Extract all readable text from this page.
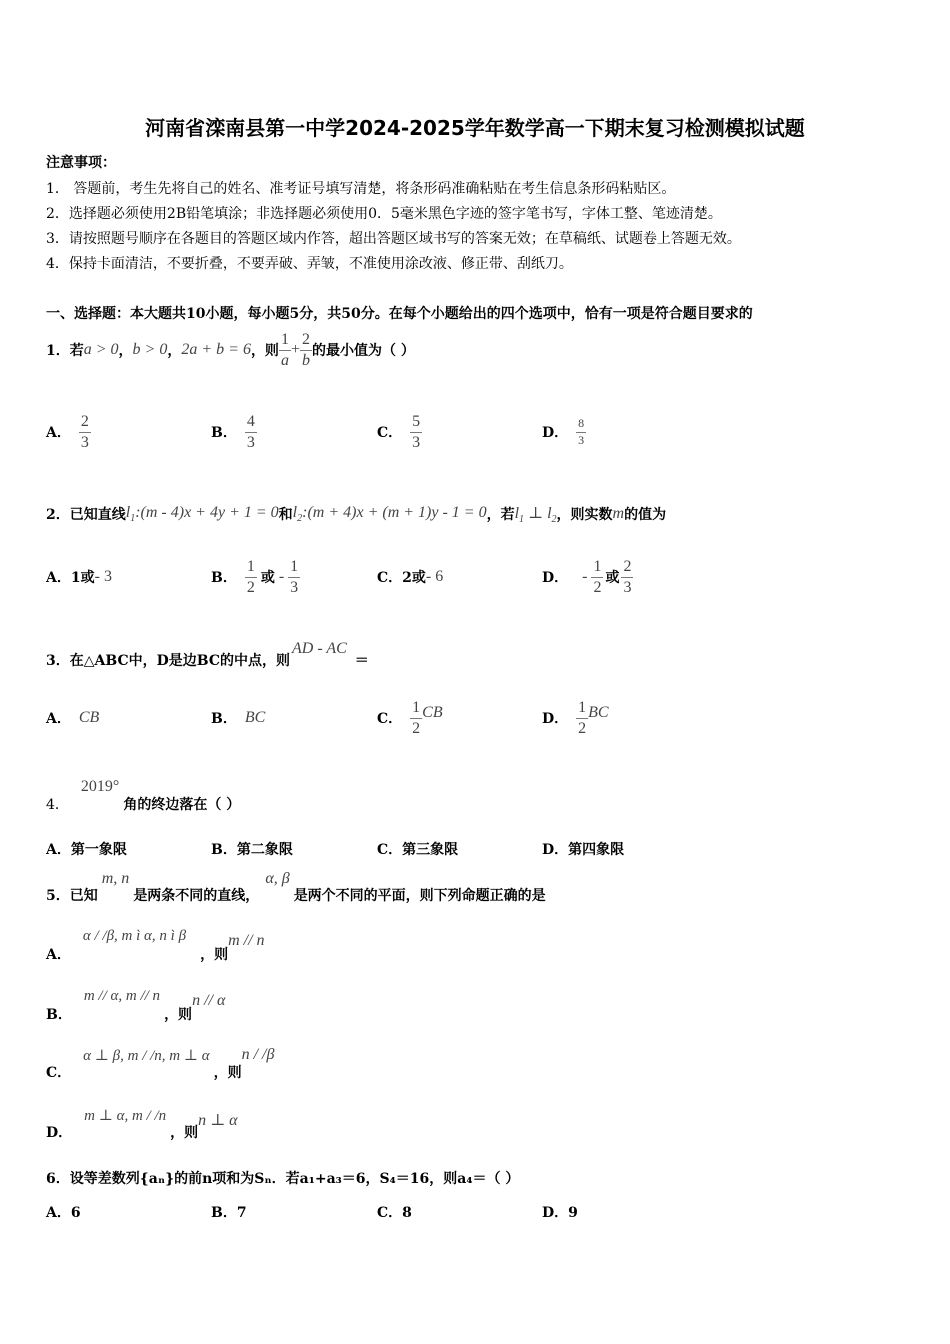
河南省滦南县第一中学2024-2025学年数学高一下期末复习检测模拟试题
注意事项：
1． 答题前，考生先将自己的姓名、准考证号填写清楚，将条形码准确粘贴在考生信息条形码粘贴区。
2．选择题必须使用2B铅笔填涂；非选择题必须使用0．5毫米黑色字迹的签字笔书写，字体工整、笔迹清楚。
3．请按照题号顺序在各题目的答题区域内作答，超出答题区域书写的答案无效；在草稿纸、试题卷上答题无效。
4．保持卡面清洁，不要折叠，不要弄破、弄皱，不准使用涂改液、修正带、刮纸刀。
一、选择题：本大题共10小题，每小题5分，共50分。在每个小题给出的四个选项中，恰有一项是符合题目要求的
1．若 a > 0 ， b > 0 ， 2a + b = 6 ，则 $\frac{1}{a} + \frac{2}{b}$ 的最小值为（ ）
A． $\frac{2}{3}$	B． $\frac{4}{3}$	C． $\frac{5}{3}$	D． $\frac{8}{3}$
2．已知直线 $l_1:(m - 4)x + 4y + 1 = 0$ 和 $l_2:(m + 4)x + (m + 1)y - 1 = 0$ ，若 $l_1$ ⊥ $l_2$ ，则实数 m 的值为
A．1或 - 3	B． $\frac{1}{2}$ 或 - $\frac{1}{3}$	C．2或 - 6	D． - $\frac{1}{2}$ 或 $\frac{2}{3}$
3．在△ABC中，D是边BC的中点，则
AD - AC
＝
A． CB	B． BC	C． $\frac{1}{2}$ CB	D． $\frac{1}{2}$ BC
4．
2019°
角的终边落在（ ）
A．第一象限	B．第二象限	C．第三象限	D．第四象限
5．已知
m, n
是两条不同的直线，
α, β
是两个不同的平面，则下列命题正确的是
A．
α / /β, m ì α, n ì β
，则
m // n
B．
m // α, m // n
，则
n // α
C．
α ⊥ β, m / /n, m ⊥ α
，则
n / /β
D．
m ⊥ α, m / /n
，则
n ⊥ α
6．设等差数列{aₙ}的前n项和为Sₙ．若a₁+a₃＝6，S₄＝16，则a₄＝（ ）
A．6	B．7	C．8	D．9
